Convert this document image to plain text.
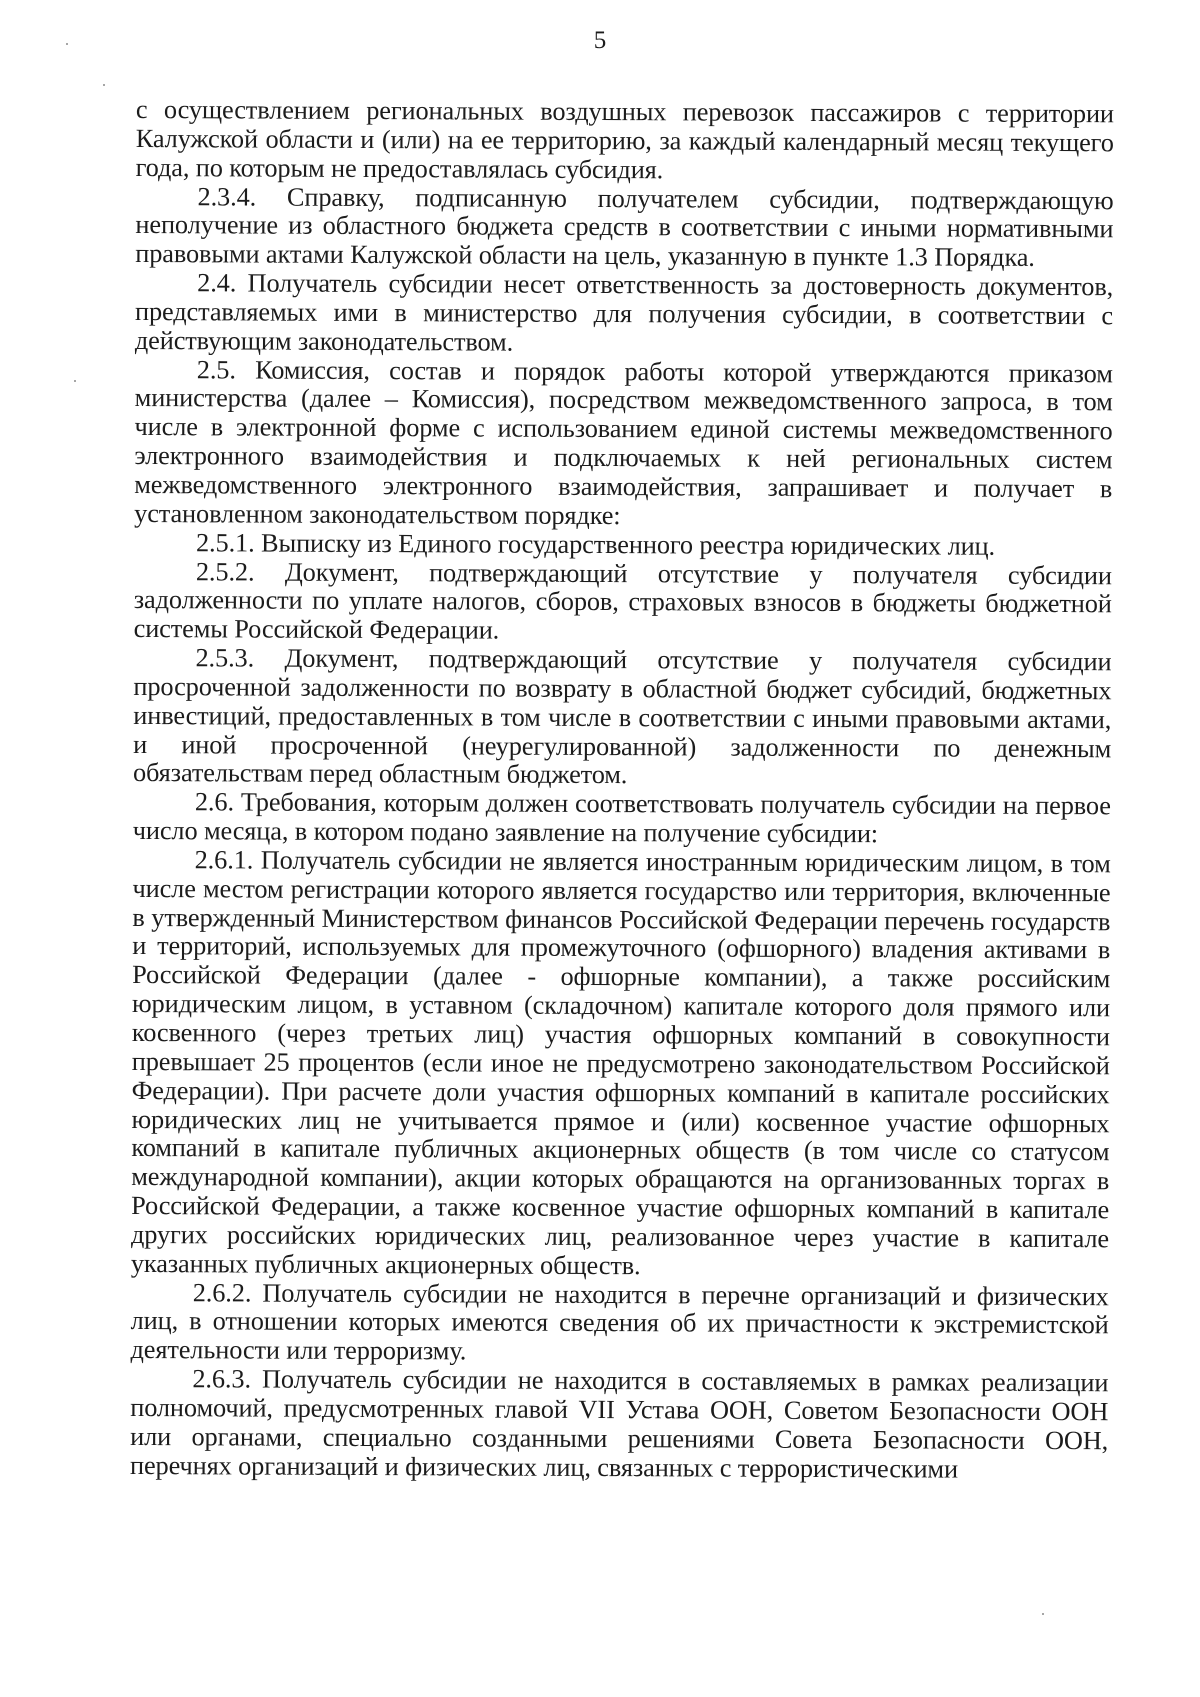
5

с осуществлением региональных воздушных перевозок пассажиров с территории Калужской области и (или) на ее территорию, за каждый календарный месяц текущего года, по которым не предоставлялась субсидия.

2.3.4. Справку, подписанную получателем субсидии, подтверждающую неполучение из областного бюджета средств в соответствии с иными нормативными правовыми актами Калужской области на цель, указанную в пункте 1.3 Порядка.

2.4. Получатель субсидии несет ответственность за достоверность документов, представляемых ими в министерство для получения субсидии, в соответствии с действующим законодательством.

2.5. Комиссия, состав и порядок работы которой утверждаются приказом министерства (далее – Комиссия), посредством межведомственного запроса, в том числе в электронной форме с использованием единой системы межведомственного электронного взаимодействия и подключаемых к ней региональных систем межведомственного электронного взаимодействия, запрашивает и получает в установленном законодательством порядке:

2.5.1. Выписку из Единого государственного реестра юридических лиц.

2.5.2. Документ, подтверждающий отсутствие у получателя субсидии задолженности по уплате налогов, сборов, страховых взносов в бюджеты бюджетной системы Российской Федерации.

2.5.3. Документ, подтверждающий отсутствие у получателя субсидии просроченной задолженности по возврату в областной бюджет субсидий, бюджетных инвестиций, предоставленных в том числе в соответствии с иными правовыми актами, и иной просроченной (неурегулированной) задолженности по денежным обязательствам перед областным бюджетом.

2.6. Требования, которым должен соответствовать получатель субсидии на первое число месяца, в котором подано заявление на получение субсидии:

2.6.1. Получатель субсидии не является иностранным юридическим лицом, в том числе местом регистрации которого является государство или территория, включенные в утвержденный Министерством финансов Российской Федерации перечень государств и территорий, используемых для промежуточного (офшорного) владения активами в Российской Федерации (далее - офшорные компании), а также российским юридическим лицом, в уставном (складочном) капитале которого доля прямого или косвенного (через третьих лиц) участия офшорных компаний в совокупности превышает 25 процентов (если иное не предусмотрено законодательством Российской Федерации). При расчете доли участия офшорных компаний в капитале российских юридических лиц не учитывается прямое и (или) косвенное участие офшорных компаний в капитале публичных акционерных обществ (в том числе со статусом международной компании), акции которых обращаются на организованных торгах в Российской Федерации, а также косвенное участие офшорных компаний в капитале других российских юридических лиц, реализованное через участие в капитале указанных публичных акционерных обществ.

2.6.2. Получатель субсидии не находится в перечне организаций и физических лиц, в отношении которых имеются сведения об их причастности к экстремистской деятельности или терроризму.

2.6.3. Получатель субсидии не находится в составляемых в рамках реализации полномочий, предусмотренных главой VII Устава ООН, Советом Безопасности ООН или органами, специально созданными решениями Совета Безопасности ООН, перечнях организаций и физических лиц, связанных с террористическими
